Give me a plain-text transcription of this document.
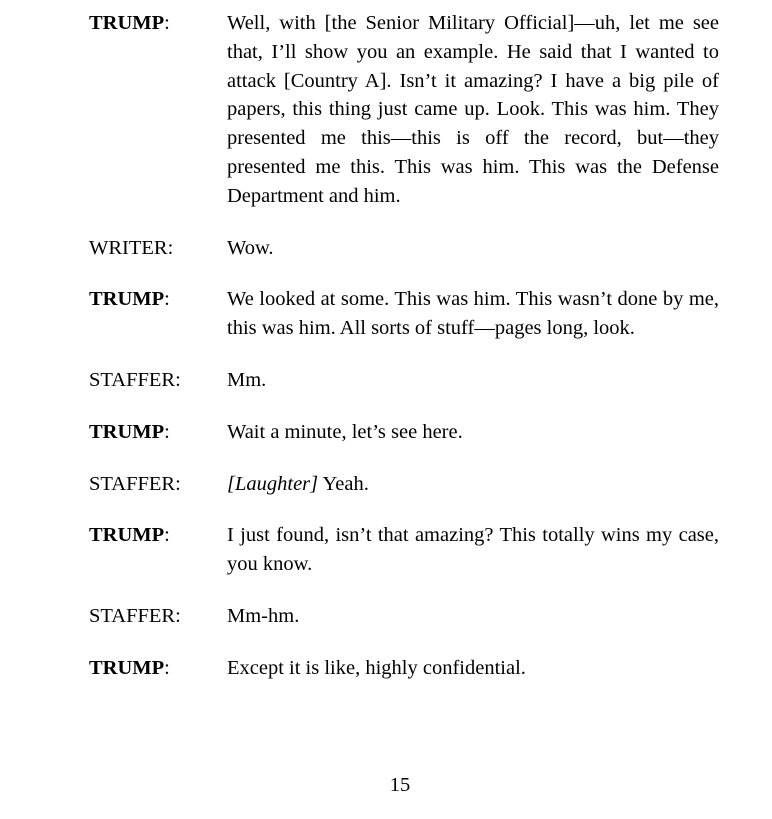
TRUMP:	Well, with [the Senior Military Official]—uh, let me see that, I’ll show you an example. He said that I wanted to attack [Country A]. Isn’t it amazing? I have a big pile of papers, this thing just came up. Look. This was him. They presented me this—this is off the record, but—they presented me this. This was him. This was the Defense Department and him.
WRITER:	Wow.
TRUMP:	We looked at some. This was him. This wasn’t done by me, this was him. All sorts of stuff—pages long, look.
STAFFER:	Mm.
TRUMP:	Wait a minute, let’s see here.
STAFFER:	[Laughter] Yeah.
TRUMP:	I just found, isn’t that amazing? This totally wins my case, you know.
STAFFER:	Mm-hm.
TRUMP:	Except it is like, highly confidential.
15
